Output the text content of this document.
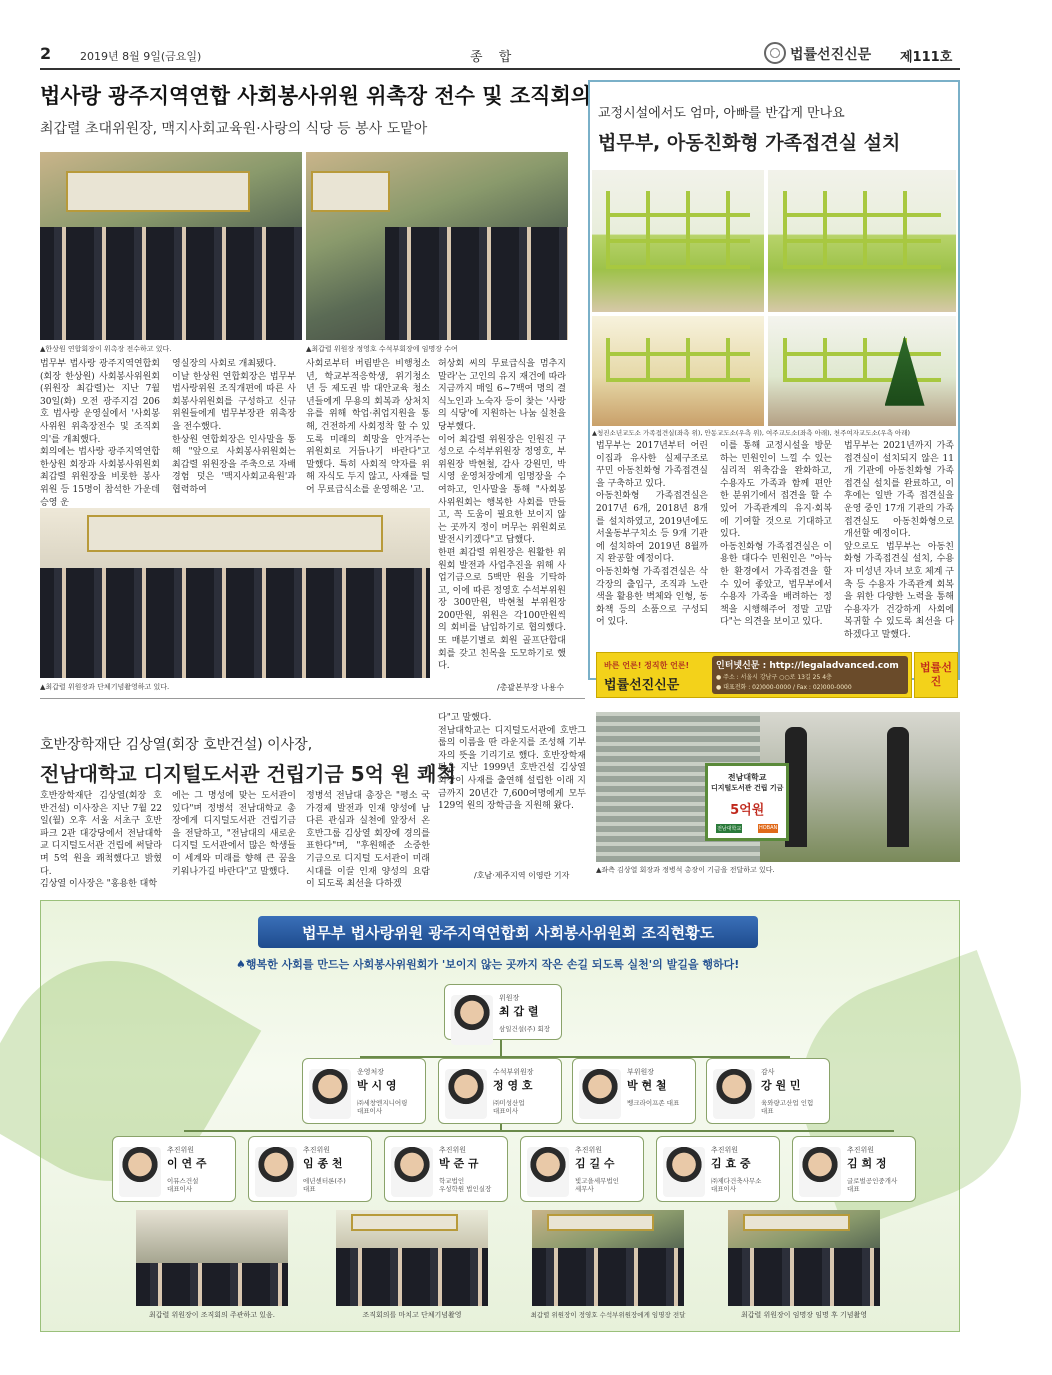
2	2019년 8월 9일(금요일)	종 합	법률선진신문 제111호
법사랑 광주지역연합 사회봉사위원 위촉장 전수 및 조직회의
최갑렬 초대위원장, 맥지사회교육원·사랑의 식당 등 봉사 도맡아
▲한상원 연합회장이 위촉장 전수하고 있다.	▲최갑렬 위원장 정영호 수석부회장에 임명장 수여
법무부 법사랑 광주지역연합회(회장 한상원) 사회봉사위원회(위원장 최갑렬)는 지난 7월 30일(화) 오전 광주지검 206호 법사랑 운영실에서 '사회봉사위원 위촉장전수 및 조직회의'를 개최했다.
회의에는 법사랑 광주지역연합 한상원 회장과 사회봉사위원회 최갑렬 위원장을 비롯한 봉사위원 등 15명이 참석한 가운데 승영 운
영실장의 사회로 개최됐다.
이날 한상원 연합회장은 법무부 법사랑위원 조직개편에 따른 사회봉사위원회를 구성하고 신규위원들에게 법무부장관 위촉장을 전수했다.
한상원 연합회장은 인사말을 통해 "앞으로 사회봉사위원회는 최갑렬 위원장을 주축으로 자배경험 덧은 '맥지사회교육원'과 협력하여
사회로부터 버림받은 비행청소년, 학교부적응학생, 위기청소년 등 제도권 밖 대안교육 청소년들에게 무용의 회복과 상처치유를 위해 학업·취업지원을 통해, 건전하게 사회정착 할 수 있도록 미래의 희망을 안겨주는 위원회로 거듭나기 바란다"고 말했다. 특히 사회적 약자를 위해 자식도 두지 않고, 사재를 털어 무료급식소를 운영해온 '고.
허상회 씨의 무료급식을 멈추지 말라'는 고인의 유지 재건에 따라 지금까지 매일 6~7백여 명의 결식노인과 노숙자 등이 찾는 '사랑의 식당'에 지원하는 나눔 실천을 당부했다.
이어 최갑렬 위원장은 인원진 구성으로 수석부위원장 정영호, 부위원장 박현철, 감사 강원민, 박시영 운영처장에게 임명장을 수여하고, 인사말을 통해 "사회봉사위원회는 행복한 사회를 만들고, 꼭 도움이 필요한 보이지 않는 곳까지 정이 머무는 위원회로 발전시키겠다"고 답했다.
한편 최갑렬 위원장은 원활한 위원회 발전과 사업추진을 위해 사업기금으로 5백만 원을 기탁하고, 이에 따른 정영호 수석부위원장 300만원, 박현철 부위원장 200만원, 위원은 각100만원씩의 회비를 납입하기로 협의했다. 또 매분기별로 회원 골프단합대회를 갖고 친목을 도모하기로 했다.
▲최갑렬 위원장과 단체기념촬영하고 있다.	/총괄본부장 나용수
교정시설에서도 엄마, 아빠를 반갑게 만나요
법무부, 아동친화형 가족접견실 설치
▲청진소년교도소 가족접견실(좌측 위), 안동교도소(우측 위), 여주교도소(좌측 아래), 천주여자교도소(우측 아래)
법무부는 2017년부터 어린이집과 유사한 실제구조로 꾸민 아동친화형 가족접견실을 구축하고 있다.
아동친화형 가족접견실은 2017년 6개, 2018년 8개를 설치하였고, 2019년에도 서울동부구치소 등 9개 기관에 설치하여 2019년 8월까지 완공할 예정이다.
아동친화형 가족접견실은 삭각장의 출입구, 조직과 노란색을 활용한 벽체와 인형, 동화책 등의 소품으로 구성되어 있다.
이를 통해 교정시설을 방문하는 민원인이 느낄 수 있는 심리적 위축감을 완화하고, 수용자도 가족과 함께 편안한 분위기에서 접견을 할 수 있어 가족관계의 유지·회복에 기여할 것으로 기대하고 있다.
아동친화형 가족접견실은 이용한 대다수 민원인은 "아늑한 환경에서 가족접견을 할 수 있어 좋았고, 법무부에서 수용자 가족을 배려하는 정책을 시행해주어 정말 고맙다"는 의견을 보이고 있다.
법무부는 2021년까지 가족접견실이 설치되지 않은 11개 기관에 아동친화형 가족접견실 설치를 완료하고, 이후에는 일반 가족 접견실을 운영 중인 17개 기관의 가족접견실도 아동친화형으로 개선할 예정이다.
앞으로도 법무부는 아동친화형 가족접견실 설치, 수용자 미성년 자녀 보호 체계 구축 등 수용자 가족관계 회복을 위한 다양한 노력을 통해 수용자가 건강하게 사회에 복귀할 수 있도록 최선을 다하겠다고 말했다.
바른 언론! 정직한 언론!
법률선진신문
인터넷신문 : http://legaladvanced.com
● 주소 : 서울시 강남구 ○○로 13길 25 4층
● 대표전화 : 02)000-0000 / Fax : 02)000-0000
법률선진
호반장학재단 김상열(회장 호반건설) 이사장,
전남대학교 디지털도서관 건립기금 5억 원 쾌척
호반장학재단 김상열(회장 호반건설) 이사장은 지난 7월 22일(월) 오후 서울 서초구 호반파크 2관 대강당에서 전남대학교 디지털도서관 건립에 써달라며 5억 원을 쾌척했다고 밝혔다.
김상열 이사장은 "홍용한 대학
에는 그 명성에 맞는 도서관이 있다"며 정병석 전남대학교 총장에게 디지털도서관 건립기금을 전달하고, "전남대의 새로운 디지털 도서관에서 많은 학생들이 세계와 미래를 향해 큰 꿈을 키워나가길 바란다"고 말했다.
정병석 전남대 총장은 "평소 국가경제 발전과 인재 양성에 남다른 관심과 실천에 앞장서 온 호반그룹 김상열 회장에 경의를 표한다"며, "후원해준 소중한 기금으로 디지털 도서관이 미래시대를 이끌 인재 양성의 요람이 되도록 최선을 다하겠
다"고 말했다.
전남대학교는 디지털도서관에 호반그룹의 이름을 딴 라운지를 조성해 기부자의 뜻을 기리기로 했다. 호반장학재단은 지난 1999년 호반건설 김상열 회장이 사재를 출연해 설립한 이래 지금까지 20년간 7,600여명에게 모두 129억 원의 장학금을 지원해 왔다.
/호남·제주지역 이영란 기자
전남대학교
디지털도서관 건립 기금
5억원
전남대학교	HOBAN
▲좌측 김상열 회장과 정병석 총장이 기금을 전달하고 있다.
법무부 법사랑위원 광주지역연합회 사회봉사위원회 조직현황도
♠행복한 사회를 만드는 사회봉사위원회가 '보이지 않는 곳까지 작은 손길 되도록 실천'의 발길을 행하다!
위원장
최 갑 렬
삼일건설(주) 회장
운영처장
박 시 영
㈜세창엔지니어링
대표이사
수석부위원장
정 영 호
㈜미성산업
대표이사
부위원장
박 현 철
벵크라이프존 대표
감사
강 원 민
육와량고산업 인험
대표
추진위원
이 연 주
이뮤스건설
대표이사
추진위원
임 종 천
에년센터론(주)
대표
추진위원
박 준 규
학교법인
우성학원 법인실장
추진위원
김 길 수
빛고을세무법인
세무사
추진위원
김 효 중
㈜제다건축사무소
대표이사
추진위원
김 희 정
글로벌공인중개사
대표
최갑렬 위원장이 조직회의 주관하고 있음.	조직회의를 마치고 단체기념촬영	최갑렬 위원장이 정영호 수석부위원장에게 임명장 전달	최갑렬 위원장이 임명장 임명 후 기념촬영
